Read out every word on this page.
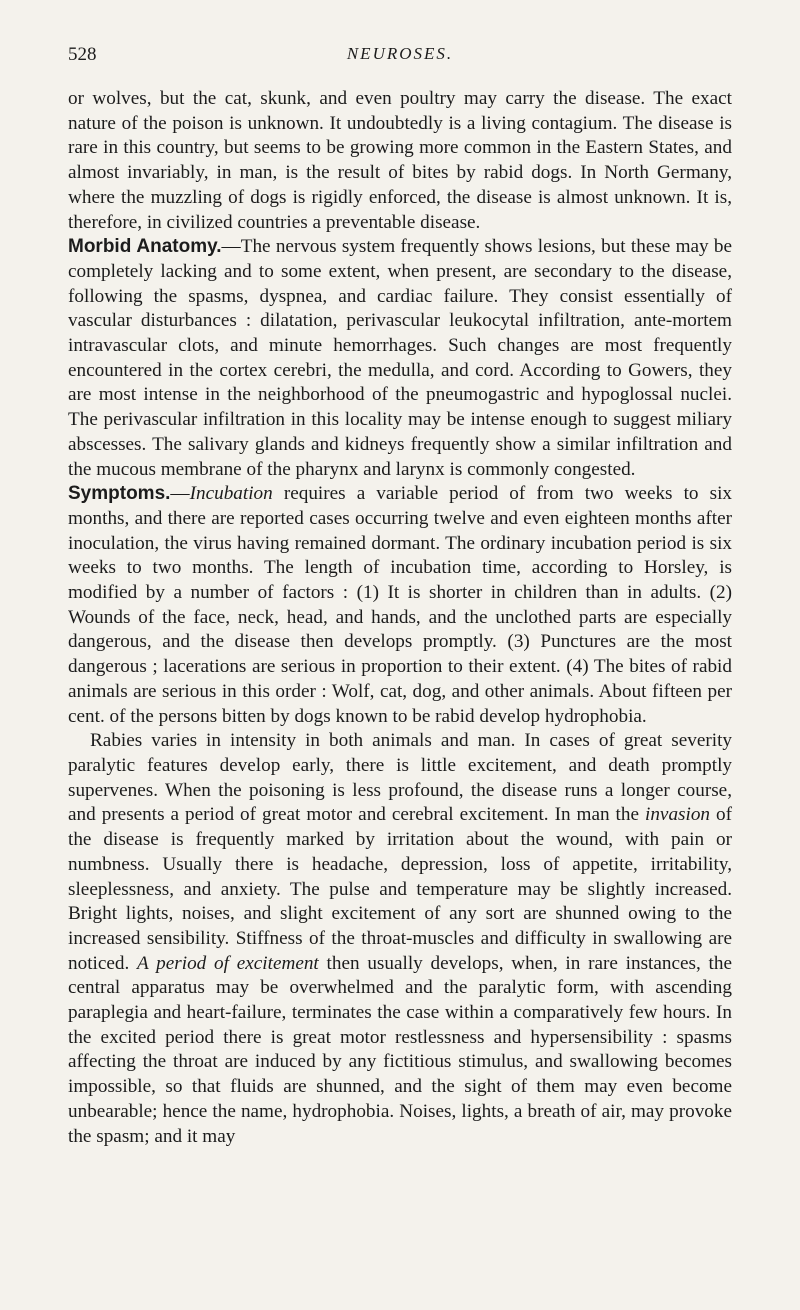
528	NEUROSES.

or wolves, but the cat, skunk, and even poultry may carry the disease. The exact nature of the poison is unknown. It undoubtedly is a living contagium. The disease is rare in this country, but seems to be growing more common in the Eastern States, and almost invariably, in man, is the result of bites by rabid dogs. In North Germany, where the muzzling of dogs is rigidly enforced, the disease is almost unknown. It is, therefore, in civilized countries a preventable disease.

Morbid Anatomy.—The nervous system frequently shows lesions, but these may be completely lacking and to some extent, when present, are secondary to the disease, following the spasms, dyspnea, and cardiac failure. They consist essentially of vascular disturbances : dilatation, perivascular leukocytal infiltration, ante-mortem intravascular clots, and minute hemorrhages. Such changes are most frequently encountered in the cortex cerebri, the medulla, and cord. According to Gowers, they are most intense in the neighborhood of the pneumogastric and hypoglossal nuclei. The perivascular infiltration in this locality may be intense enough to suggest miliary abscesses. The salivary glands and kidneys frequently show a similar infiltration and the mucous membrane of the pharynx and larynx is commonly congested.

Symptoms.—Incubation requires a variable period of from two weeks to six months, and there are reported cases occurring twelve and even eighteen months after inoculation, the virus having remained dormant. The ordinary incubation period is six weeks to two months. The length of incubation time, according to Horsley, is modified by a number of factors : (1) It is shorter in children than in adults. (2) Wounds of the face, neck, head, and hands, and the unclothed parts are especially dangerous, and the disease then develops promptly. (3) Punctures are the most dangerous ; lacerations are serious in proportion to their extent. (4) The bites of rabid animals are serious in this order : Wolf, cat, dog, and other animals. About fifteen per cent. of the persons bitten by dogs known to be rabid develop hydrophobia.

Rabies varies in intensity in both animals and man. In cases of great severity paralytic features develop early, there is little excitement, and death promptly supervenes. When the poisoning is less profound, the disease runs a longer course, and presents a period of great motor and cerebral excitement. In man the invasion of the disease is frequently marked by irritation about the wound, with pain or numbness. Usually there is headache, depression, loss of appetite, irritability, sleeplessness, and anxiety. The pulse and temperature may be slightly increased. Bright lights, noises, and slight excitement of any sort are shunned owing to the increased sensibility. Stiffness of the throat-muscles and difficulty in swallowing are noticed. A period of excitement then usually develops, when, in rare instances, the central apparatus may be overwhelmed and the paralytic form, with ascending paraplegia and heart-failure, terminates the case within a comparatively few hours. In the excited period there is great motor restlessness and hypersensibility : spasms affecting the throat are induced by any fictitious stimulus, and swallowing becomes impossible, so that fluids are shunned, and the sight of them may even become unbearable; hence the name, hydrophobia. Noises, lights, a breath of air, may provoke the spasm; and it may
